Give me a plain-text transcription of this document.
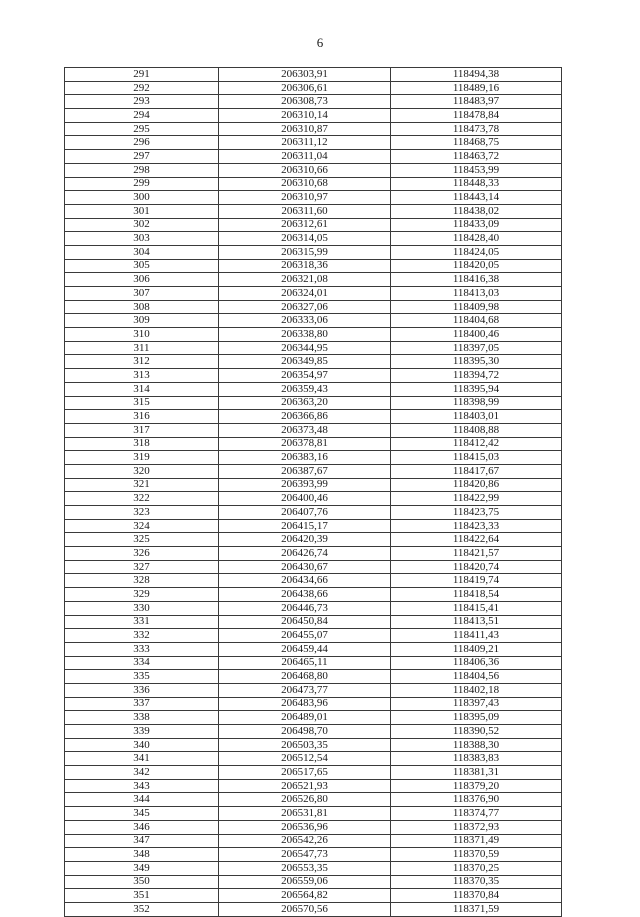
6
291	206303,91	118494,38
292	206306,61	118489,16
293	206308,73	118483,97
294	206310,14	118478,84
295	206310,87	118473,78
296	206311,12	118468,75
297	206311,04	118463,72
298	206310,66	118453,99
299	206310,68	118448,33
300	206310,97	118443,14
301	206311,60	118438,02
302	206312,61	118433,09
303	206314,05	118428,40
304	206315,99	118424,05
305	206318,36	118420,05
306	206321,08	118416,38
307	206324,01	118413,03
308	206327,06	118409,98
309	206333,06	118404,68
310	206338,80	118400,46
311	206344,95	118397,05
312	206349,85	118395,30
313	206354,97	118394,72
314	206359,43	118395,94
315	206363,20	118398,99
316	206366,86	118403,01
317	206373,48	118408,88
318	206378,81	118412,42
319	206383,16	118415,03
320	206387,67	118417,67
321	206393,99	118420,86
322	206400,46	118422,99
323	206407,76	118423,75
324	206415,17	118423,33
325	206420,39	118422,64
326	206426,74	118421,57
327	206430,67	118420,74
328	206434,66	118419,74
329	206438,66	118418,54
330	206446,73	118415,41
331	206450,84	118413,51
332	206455,07	118411,43
333	206459,44	118409,21
334	206465,11	118406,36
335	206468,80	118404,56
336	206473,77	118402,18
337	206483,96	118397,43
338	206489,01	118395,09
339	206498,70	118390,52
340	206503,35	118388,30
341	206512,54	118383,83
342	206517,65	118381,31
343	206521,93	118379,20
344	206526,80	118376,90
345	206531,81	118374,77
346	206536,96	118372,93
347	206542,26	118371,49
348	206547,73	118370,59
349	206553,35	118370,25
350	206559,06	118370,35
351	206564,82	118370,84
352	206570,56	118371,59
